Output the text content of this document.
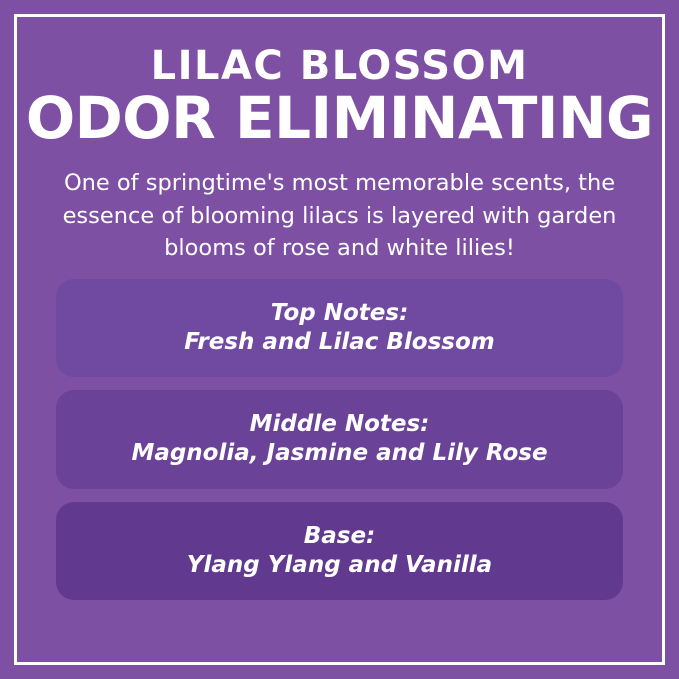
LILAC BLOSSOM
ODOR ELIMINATING
One of springtime's most memorable scents, the essence of blooming lilacs is layered with garden blooms of rose and white lilies!
Top Notes:
Fresh and Lilac Blossom
Middle Notes:
Magnolia, Jasmine and Lily Rose
Base:
Ylang Ylang and Vanilla
